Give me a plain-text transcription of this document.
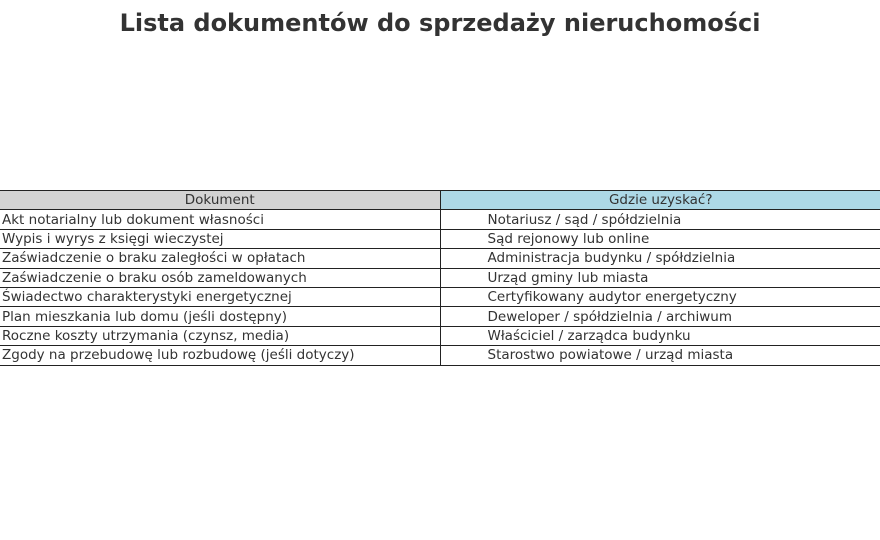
Lista dokumentów do sprzedaży nieruchomości
Dokument	Gdzie uzyskać?
Akt notarialny lub dokument własności	Notariusz / sąd / spółdzielnia
Wypis i wyrys z księgi wieczystej	Sąd rejonowy lub online
Zaświadczenie o braku zaległości w opłatach	Administracja budynku / spółdzielnia
Zaświadczenie o braku osób zameldowanych	Urząd gminy lub miasta
Świadectwo charakterystyki energetycznej	Certyfikowany audytor energetyczny
Plan mieszkania lub domu (jeśli dostępny)	Deweloper / spółdzielnia / archiwum
Roczne koszty utrzymania (czynsz, media)	Właściciel / zarządca budynku
Zgody na przebudowę lub rozbudowę (jeśli dotyczy)	Starostwo powiatowe / urząd miasta
